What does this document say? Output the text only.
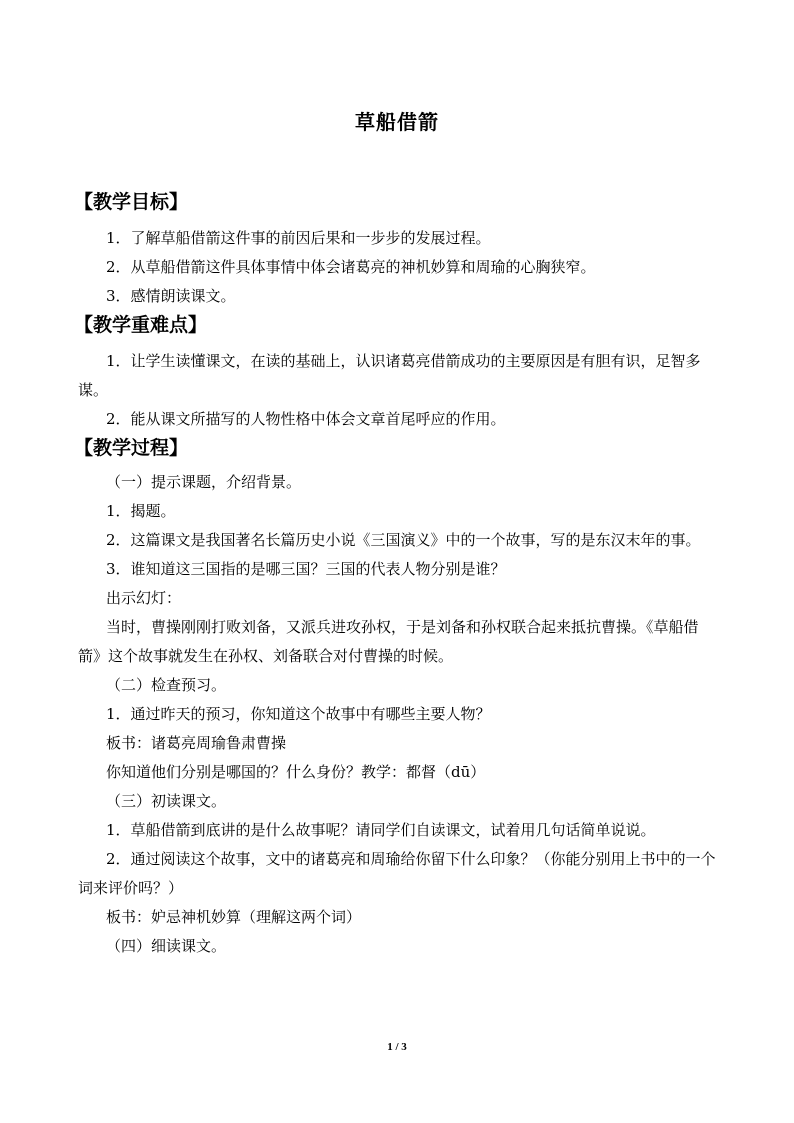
草船借箭
【教学目标】

1．了解草船借箭这件事的前因后果和一步步的发展过程。

2．从草船借箭这件具体事情中体会诸葛亮的神机妙算和周瑜的心胸狭窄。

3．感情朗读课文。

【教学重难点】

1．让学生读懂课文，在读的基础上，认识诸葛亮借箭成功的主要原因是有胆有识，足智多谋。

2．能从课文所描写的人物性格中体会文章首尾呼应的作用。

【教学过程】

（一）提示课题，介绍背景。

1．揭题。

2．这篇课文是我国著名长篇历史小说《三国演义》中的一个故事，写的是东汉末年的事。

3．谁知道这三国指的是哪三国？三国的代表人物分别是谁？

出示幻灯：

当时，曹操刚刚打败刘备，又派兵进攻孙权，于是刘备和孙权联合起来抵抗曹操。《草船借箭》这个故事就发生在孙权、刘备联合对付曹操的时候。

（二）检查预习。

1．通过昨天的预习，你知道这个故事中有哪些主要人物？

板书：诸葛亮周瑜鲁肃曹操

你知道他们分别是哪国的？什么身份？教学：都督（dū）

（三）初读课文。

1．草船借箭到底讲的是什么故事呢？请同学们自读课文，试着用几句话简单说说。

2．通过阅读这个故事，文中的诸葛亮和周瑜给你留下什么印象？（你能分别用上书中的一个词来评价吗？）

板书：妒忌神机妙算（理解这两个词）

（四）细读课文。

1 / 3
